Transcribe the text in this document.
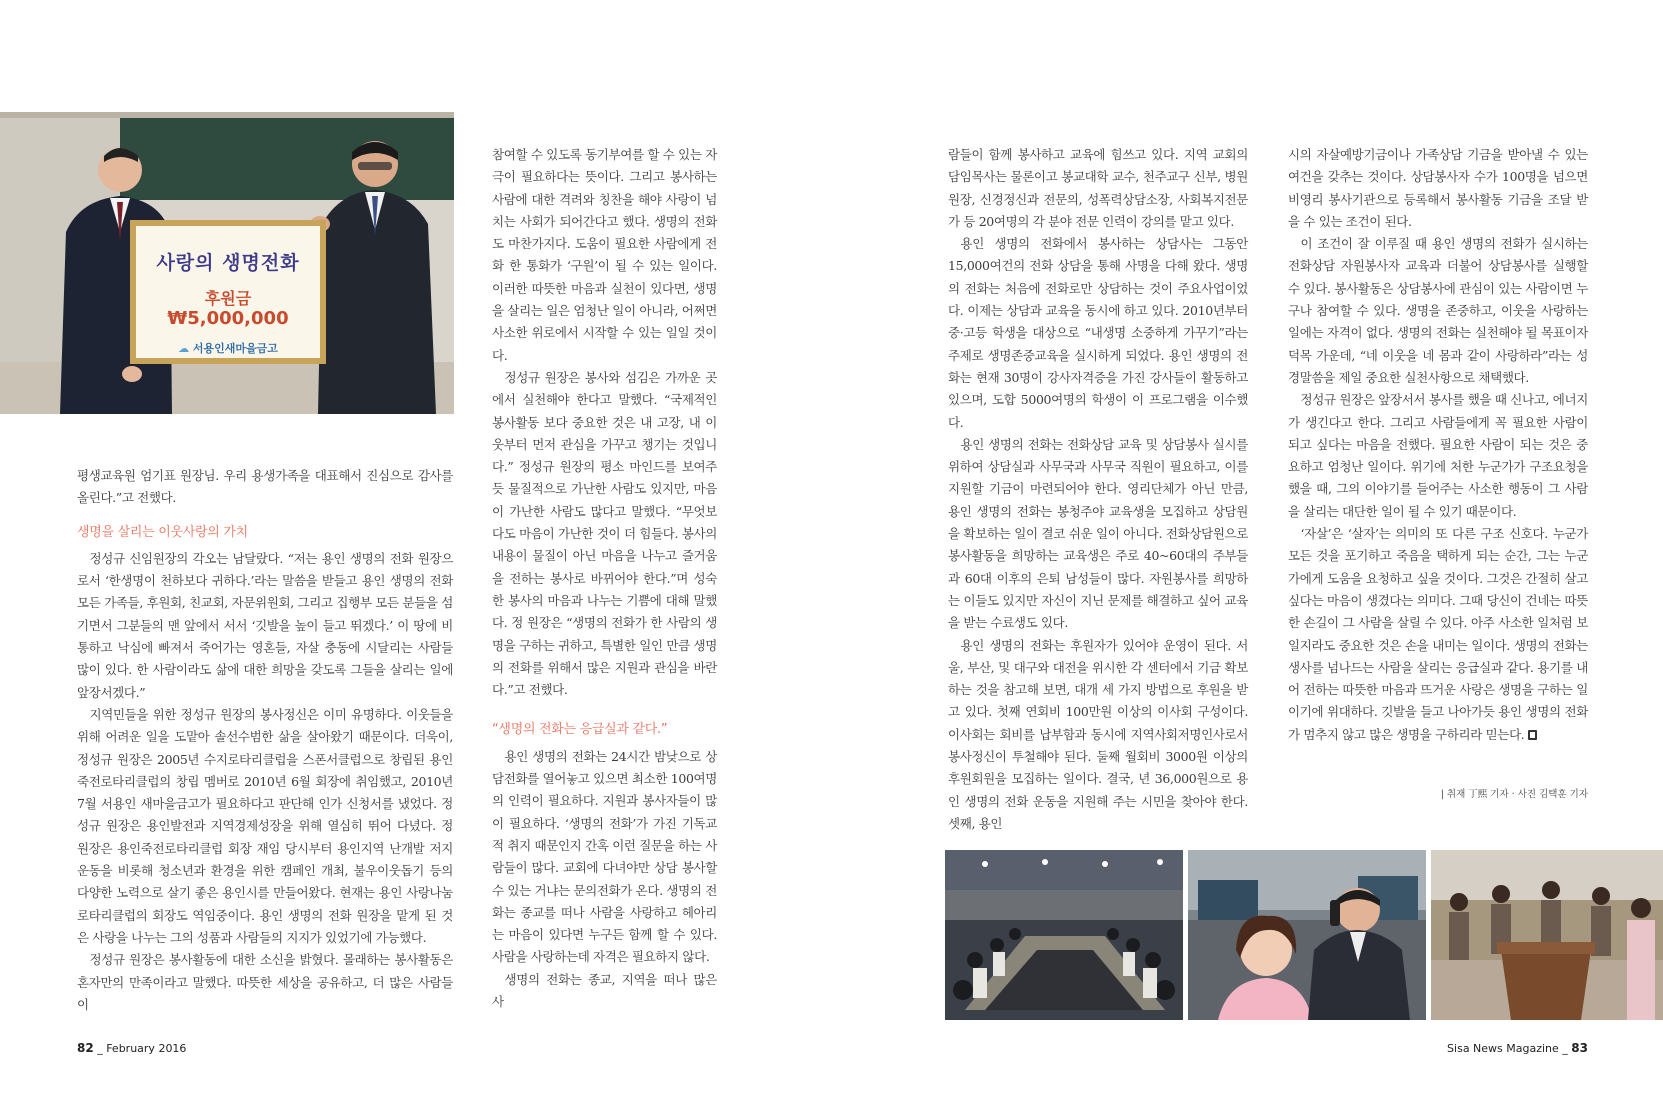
사랑의 생명전화
후원금
₩5,000,000
☁ 서용인새마을금고

평생교육원 엄기표 원장님. 우리 용생가족을 대표해서 진심으로 감사를 올린다.”고 전했다.

생명을 살리는 이웃사랑의 가치

정성규 신임원장의 각오는 남달랐다. “저는 용인 생명의 전화 원장으로서 ‘한생명이 천하보다 귀하다.’라는 말씀을 받들고 용인 생명의 전화 모든 가족들, 후원회, 친교회, 자문위원회, 그리고 집행부 모든 분들을 섬기면서 그분들의 맨 앞에서 서서 ‘깃발을 높이 들고 뛰겠다.’ 이 땅에 비통하고 낙심에 빠져서 죽어가는 영혼들, 자살 충동에 시달리는 사람들 많이 있다. 한 사람이라도 삶에 대한 희망을 갖도록 그들을 살리는 일에 앞장서겠다.”

지역민들을 위한 정성규 원장의 봉사정신은 이미 유명하다. 이웃들을 위해 어려운 일을 도맡아 솔선수범한 삶을 살아왔기 때문이다. 더욱이, 정성규 원장은 2005년 수지로타리클럽을 스폰서클럽으로 창립된 용인 죽전로타리클럽의 창립 멤버로 2010년 6월 회장에 취임했고, 2010년 7월 서용인 새마을금고가 필요하다고 판단해 인가 신청서를 냈었다. 정성규 원장은 용인발전과 지역경제성장을 위해 열심히 뛰어 다녔다. 정 원장은 용인죽전로타리클럽 회장 재임 당시부터 용인지역 난개발 저지운동을 비롯해 청소년과 환경을 위한 캠페인 개최, 불우이웃돕기 등의 다양한 노력으로 살기 좋은 용인시를 만들어왔다. 현재는 용인 사랑나눔 로타리클럽의 회장도 역임중이다. 용인 생명의 전화 원장을 맡게 된 것은 사랑을 나누는 그의 성품과 사람들의 지지가 있었기에 가능했다.

정성규 원장은 봉사활동에 대한 소신을 밝혔다. 몰래하는 봉사활동은 혼자만의 만족이라고 말했다. 따뜻한 세상을 공유하고, 더 많은 사람들이

참여할 수 있도록 동기부여를 할 수 있는 자극이 필요하다는 뜻이다. 그리고 봉사하는 사람에 대한 격려와 칭찬을 해야 사랑이 넘치는 사회가 되어간다고 했다. 생명의 전화도 마찬가지다. 도움이 필요한 사람에게 전화 한 통화가 ‘구원’이 될 수 있는 일이다. 이러한 따뜻한 마음과 실천이 있다면, 생명을 살리는 일은 엄청난 일이 아니라, 어쩌면 사소한 위로에서 시작할 수 있는 일일 것이다.

정성규 원장은 봉사와 섬김은 가까운 곳에서 실천해야 한다고 말했다. “국제적인 봉사활동 보다 중요한 것은 내 고장, 내 이웃부터 먼저 관심을 가꾸고 챙기는 것입니다.” 정성규 원장의 평소 마인드를 보여주듯 물질적으로 가난한 사람도 있지만, 마음이 가난한 사람도 많다고 말했다. “무엇보다도 마음이 가난한 것이 더 힘들다. 봉사의 내용이 물질이 아닌 마음을 나누고 즐거움을 전하는 봉사로 바뀌어야 한다.”며 성숙한 봉사의 마음과 나누는 기쁨에 대해 말했다. 정 원장은 “생명의 전화가 한 사람의 생명을 구하는 귀하고, 특별한 일인 만큼 생명의 전화를 위해서 많은 지원과 관심을 바란다.”고 전했다.

“생명의 전화는 응급실과 같다.”

용인 생명의 전화는 24시간 밤낮으로 상담전화를 열어놓고 있으면 최소한 100여명의 인력이 필요하다. 지원과 봉사자들이 많이 필요하다. ‘생명의 전화’가 가진 기독교적 취지 때문인지 간혹 이런 질문을 하는 사람들이 많다. 교회에 다녀야만 상담 봉사할 수 있는 거냐는 문의전화가 온다. 생명의 전화는 종교를 떠나 사람을 사랑하고 헤아리는 마음이 있다면 누구든 함께 할 수 있다. 사람을 사랑하는데 자격은 필요하지 않다.

생명의 전화는 종교, 지역을 떠나 많은 사

람들이 함께 봉사하고 교육에 힘쓰고 있다. 지역 교회의 담임목사는 물론이고 봉교대학 교수, 천주교구 신부, 병원 원장, 신경정신과 전문의, 성폭력상담소장, 사회복지전문가 등 20여명의 각 분야 전문 인력이 강의를 맡고 있다.

용인 생명의 전화에서 봉사하는 상담사는 그동안 15,000여건의 전화 상담을 통해 사명을 다해 왔다. 생명의 전화는 처음에 전화로만 상담하는 것이 주요사업이었다. 이제는 상담과 교육을 동시에 하고 있다. 2010년부터 중·고등 학생을 대상으로 “내생명 소중하게 가꾸기”라는 주제로 생명존중교육을 실시하게 되었다. 용인 생명의 전화는 현재 30명이 강사자격증을 가진 강사들이 활동하고 있으며, 도합 5000여명의 학생이 이 프로그램을 이수했다.

용인 생명의 전화는 전화상담 교육 및 상담봉사 실시를 위하여 상담실과 사무국과 사무국 직원이 필요하고, 이를 지원할 기금이 마련되어야 한다. 영리단체가 아닌 만큼, 용인 생명의 전화는 봉청주야 교육생을 모집하고 상담원을 확보하는 일이 결코 쉬운 일이 아니다. 전화상담원으로 봉사활동을 희망하는 교육생은 주로 40~60대의 주부들과 60대 이후의 은퇴 남성들이 많다. 자원봉사를 희망하는 이들도 있지만 자신이 지닌 문제를 해결하고 싶어 교육을 받는 수료생도 있다.

용인 생명의 전화는 후원자가 있어야 운영이 된다. 서울, 부산, 및 대구와 대전을 위시한 각 센터에서 기금 확보하는 것을 참고해 보면, 대개 세 가지 방법으로 후원을 받고 있다. 첫째 연회비 100만원 이상의 이사회 구성이다. 이사회는 회비를 납부함과 동시에 지역사회저명인사로서 봉사정신이 투철해야 된다. 둘째 월회비 3000원 이상의 후원회원을 모집하는 일이다. 결국, 년 36,000원으로 용인 생명의 전화 운동을 지원해 주는 시민을 찾아야 한다. 셋째, 용인

시의 자살예방기금이나 가족상담 기금을 받아낼 수 있는 여건을 갖추는 것이다. 상담봉사자 수가 100명을 넘으면 비영리 봉사기관으로 등록해서 봉사활동 기금을 조달 받을 수 있는 조건이 된다.

이 조건이 잘 이루질 때 용인 생명의 전화가 실시하는 전화상담 자원봉사자 교육과 더불어 상담봉사를 실행할 수 있다. 봉사활동은 상담봉사에 관심이 있는 사람이면 누구나 참여할 수 있다. 생명을 존중하고, 이웃을 사랑하는 일에는 자격이 없다. 생명의 전화는 실천해야 될 목표이자 덕목 가운데, “네 이웃을 네 몸과 같이 사랑하라”라는 성경말씀을 제일 중요한 실천사항으로 채택했다.

정성규 원장은 앞장서서 봉사를 했을 때 신나고, 에너지가 생긴다고 한다. 그리고 사람들에게 꼭 필요한 사람이 되고 싶다는 마음을 전했다. 필요한 사람이 되는 것은 중요하고 엄청난 일이다. 위기에 처한 누군가가 구조요청을 했을 때, 그의 이야기를 들어주는 사소한 행동이 그 사람을 살리는 대단한 일이 될 수 있기 때문이다.

‘자살’은 ‘살자’는 의미의 또 다른 구조 신호다. 누군가 모든 것을 포기하고 죽음을 택하게 되는 순간, 그는 누군가에게 도움을 요청하고 싶을 것이다. 그것은 간절히 살고 싶다는 마음이 생겼다는 의미다. 그때 당신이 건네는 따뜻한 손길이 그 사람을 살릴 수 있다. 아주 사소한 일처럼 보일지라도 중요한 것은 손을 내미는 일이다. 생명의 전화는 생사를 넘나드는 사람을 살리는 응급실과 같다. 용기를 내어 전하는 따뜻한 마음과 뜨거운 사랑은 생명을 구하는 일이기에 위대하다. 깃발을 들고 나아가듯 용인 생명의 전화가 멈추지 않고 많은 생명을 구하리라 믿는다.

| 취재 丁熙 기자 · 사진 김택훈 기자
82 _ February 2016	Sisa News Magazine _ 83
